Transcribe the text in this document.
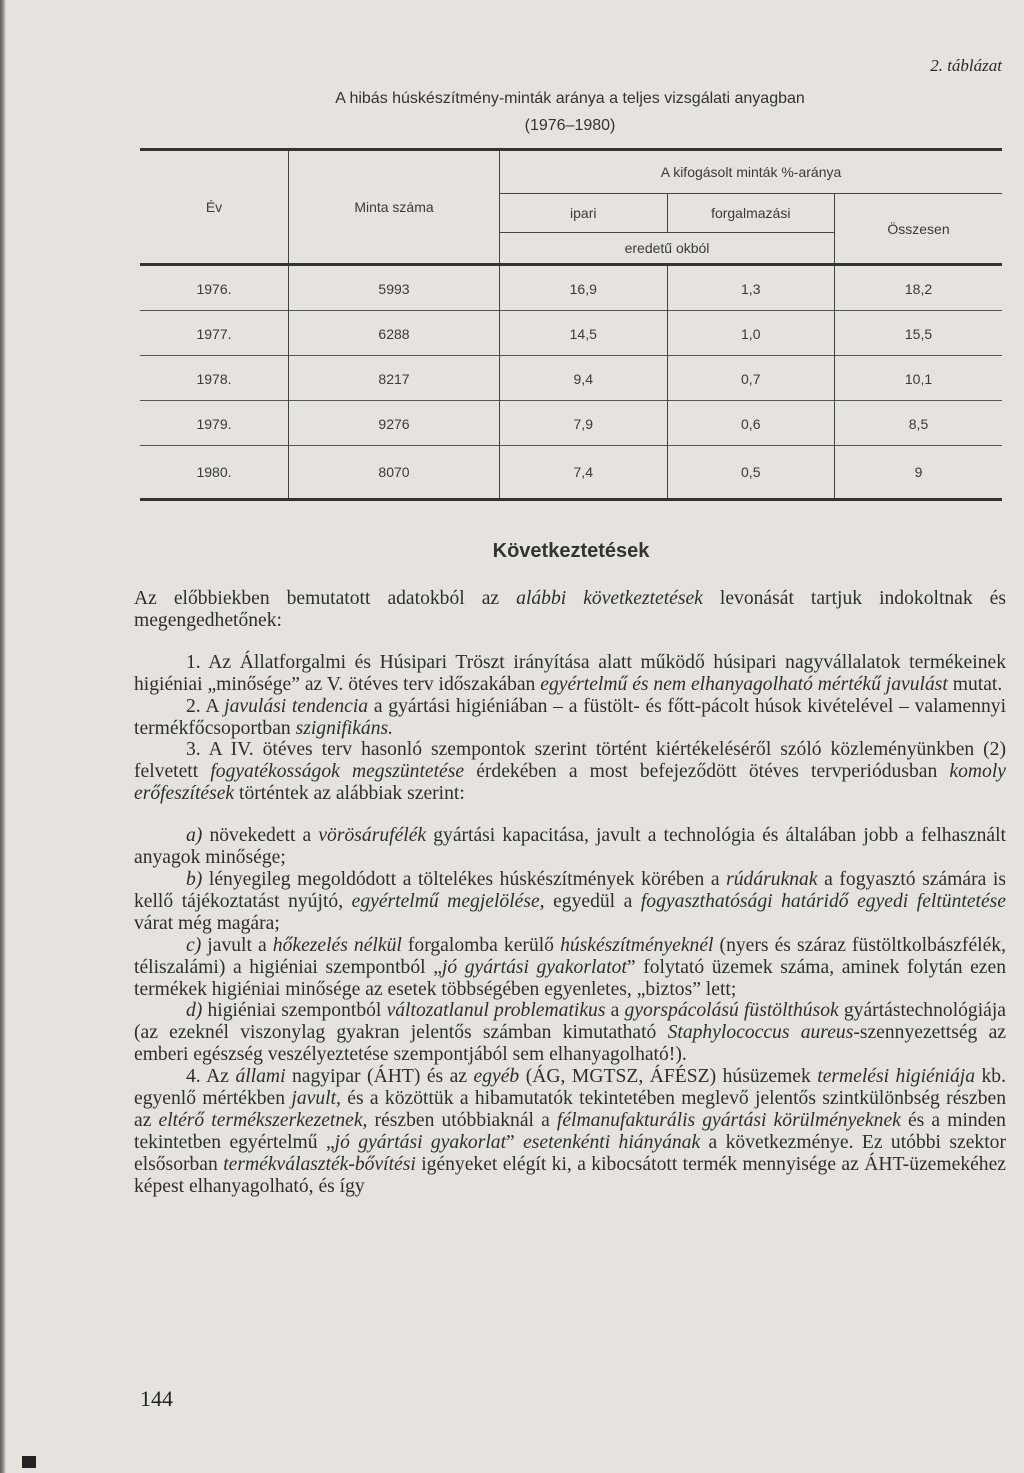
2. táblázat
A hibás húskészítmény-minták aránya a teljes vizsgálati anyagban
(1976–1980)
Év	Minta száma	A kifogásolt minták %-aránya		
		ipari	forgalmazási	Összesen
		eredetű okból		
1976.	5993	16,9	1,3	18,2
1977.	6288	14,5	1,0	15,5
1978.	8217	9,4	0,7	10,1
1979.	9276	7,9	0,6	8,5
1980.	8070	7,4	0,5	9
Következtetések

Az előbbiekben bemutatott adatokból az alábbi következtetések levonását tartjuk indokoltnak és megengedhetőnek:

1. Az Állatforgalmi és Húsipari Tröszt irányítása alatt működő húsipari nagyvállalatok termékeinek higiéniai „minősége” az V. ötéves terv időszakában egyértelmű és nem elhanyagolható mértékű javulást mutat.

2. A javulási tendencia a gyártási higiéniában – a füstölt- és főtt-pácolt húsok kivételével – valamennyi termékfőcsoportban szignifikáns.

3. A IV. ötéves terv hasonló szempontok szerint történt kiértékeléséről szóló közleményünkben (2) felvetett fogyatékosságok megszüntetése érdekében a most befejeződött ötéves tervperiódusban komoly erőfeszítések történtek az alábbiak szerint:

a) növekedett a vörösárufélék gyártási kapacitása, javult a technológia és általában jobb a felhasznált anyagok minősége;

b) lényegileg megoldódott a töltelékes húskészítmények körében a rúdáruknak a fogyasztó számára is kellő tájékoztatást nyújtó, egyértelmű megjelölése, egyedül a fogyaszthatósági határidő egyedi feltüntetése várat még magára;

c) javult a hőkezelés nélkül forgalomba kerülő húskészítményeknél (nyers és száraz füstöltkolbászfélék, téliszalámi) a higiéniai szempontból „jó gyártási gyakorlatot” folytató üzemek száma, aminek folytán ezen termékek higiéniai minősége az esetek többségében egyenletes, „biztos” lett;

d) higiéniai szempontból változatlanul problematikus a gyorspácolású füstölthúsok gyártástechnológiája (az ezeknél viszonylag gyakran jelentős számban kimutatható Staphylococcus aureus-szennyezettség az emberi egészség veszélyeztetése szempontjából sem elhanyagolható!).

4. Az állami nagyipar (ÁHT) és az egyéb (ÁG, MGTSZ, ÁFÉSZ) húsüzemek termelési higiéniája kb. egyenlő mértékben javult, és a közöttük a hibamutatók tekintetében meglevő jelentős szintkülönbség részben az eltérő termékszerkezetnek, részben utóbbiaknál a félmanufakturális gyártási körülményeknek és a minden tekintetben egyértelmű „jó gyártási gyakorlat” esetenkénti hiányának a következménye. Ez utóbbi szektor elsősorban termékválaszték-bővítési igényeket elégít ki, a kibocsátott termék mennyisége az ÁHT-üzemekéhez képest elhanyagolható, és így

144
